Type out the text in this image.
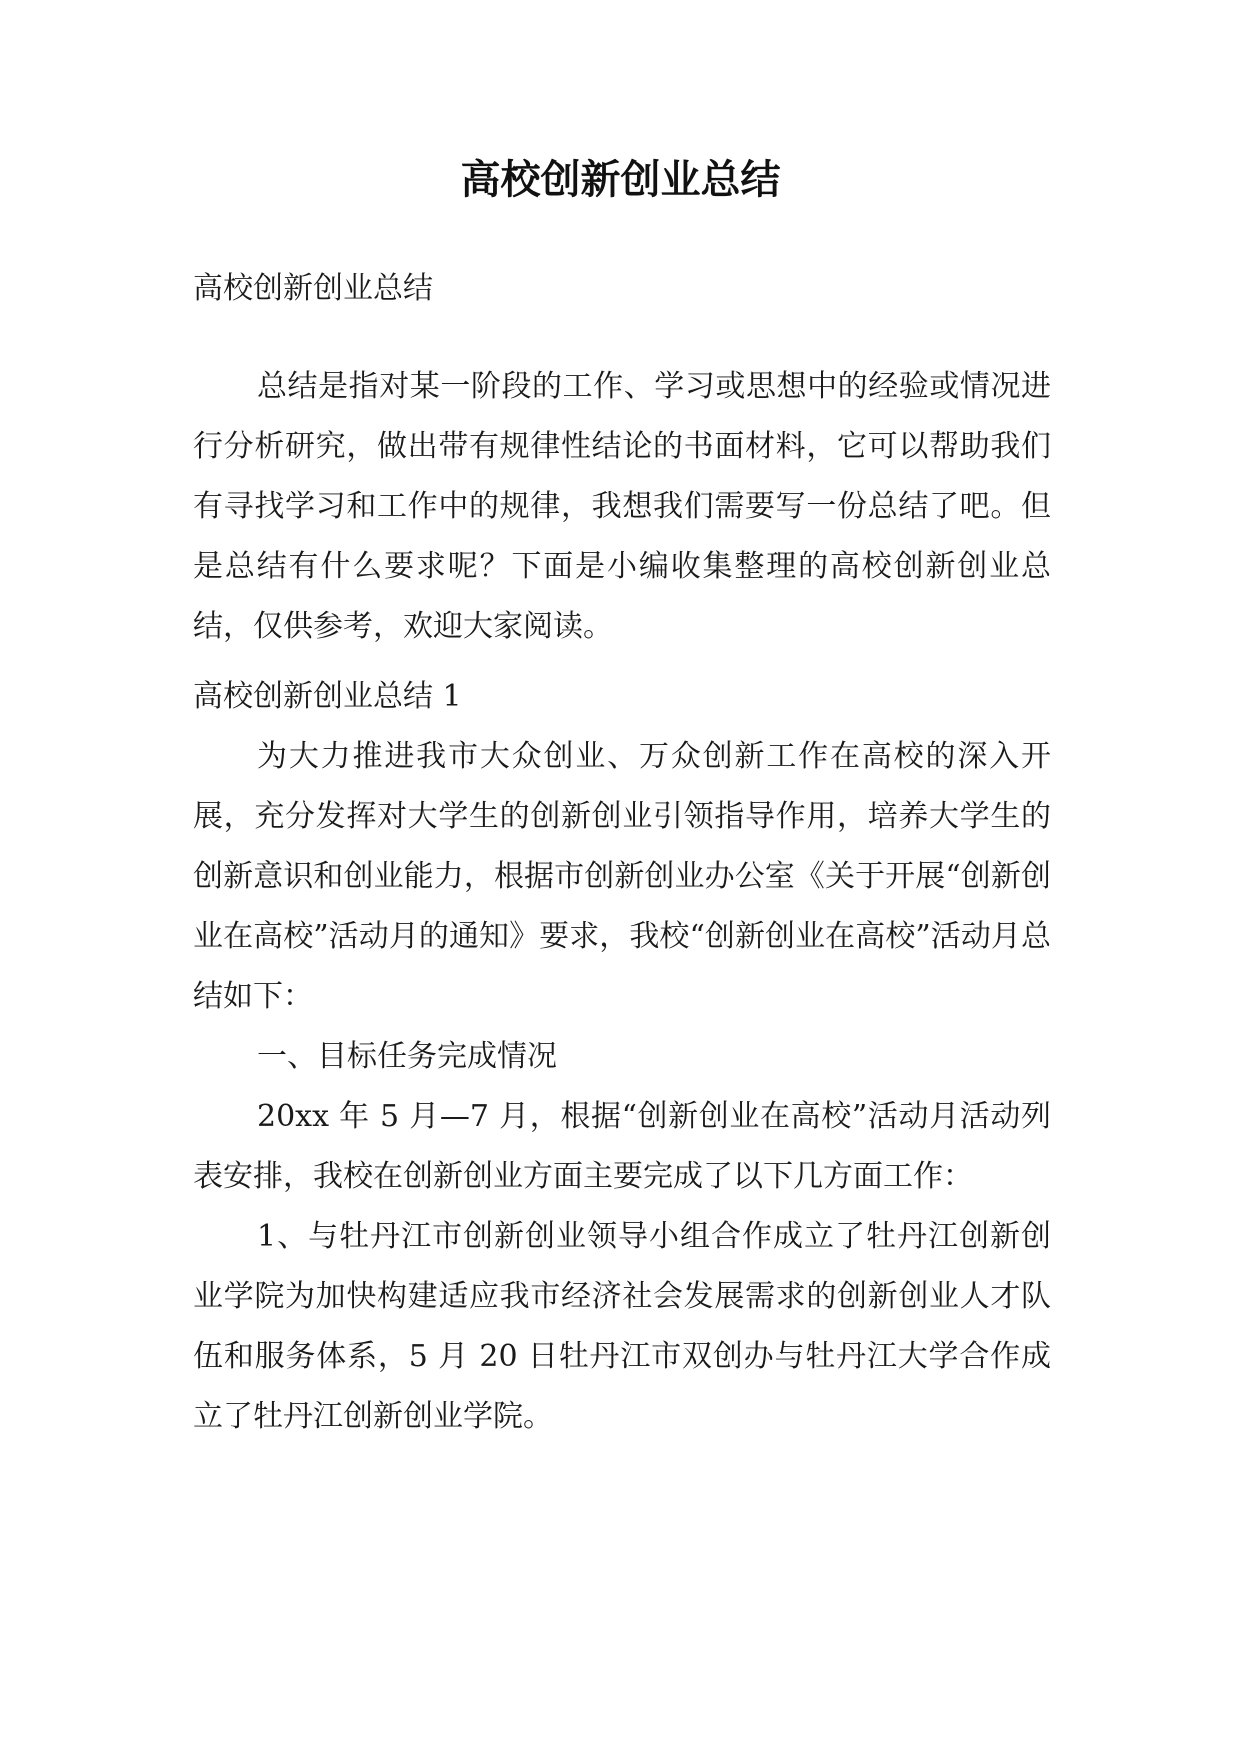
高校创新创业总结

高校创新创业总结

总结是指对某一阶段的工作、学习或思想中的经验或情况进行分析研究，做出带有规律性结论的书面材料，它可以帮助我们有寻找学习和工作中的规律，我想我们需要写一份总结了吧。但是总结有什么要求呢？下面是小编收集整理的高校创新创业总结，仅供参考，欢迎大家阅读。

高校创新创业总结 1

为大力推进我市大众创业、万众创新工作在高校的深入开展，充分发挥对大学生的创新创业引领指导作用，培养大学生的创新意识和创业能力，根据市创新创业办公室《关于开展“创新创业在高校”活动月的通知》要求，我校“创新创业在高校”活动月总结如下：

一、目标任务完成情况

20xx 年 5 月—7 月，根据“创新创业在高校”活动月活动列表安排，我校在创新创业方面主要完成了以下几方面工作：

1、与牡丹江市创新创业领导小组合作成立了牡丹江创新创业学院为加快构建适应我市经济社会发展需求的创新创业人才队伍和服务体系，5 月 20 日牡丹江市双创办与牡丹江大学合作成立了牡丹江创新创业学院。
